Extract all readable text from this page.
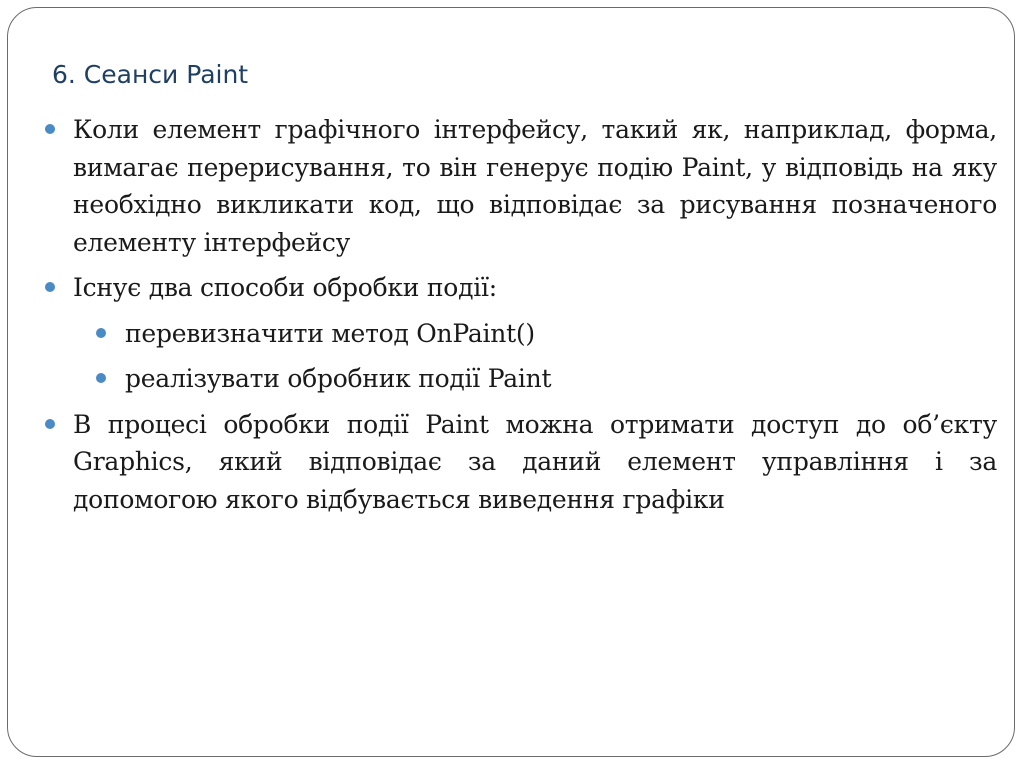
6. Сеанси Paint
Коли елемент графічного інтерфейсу, такий як, наприклад, форма, вимагає перерисування, то він генерує подію Paint, у відповідь на яку необхідно викликати код, що відповідає за рисування позначеного елементу інтерфейсу
Існує два способи обробки події:
перевизначити метод OnPaint()
реалізувати обробник події Paint
В процесі обробки події Paint можна отримати доступ до об’єкту Graphics, який відповідає за даний елемент управління і за допомогою якого відбувається виведення графіки
